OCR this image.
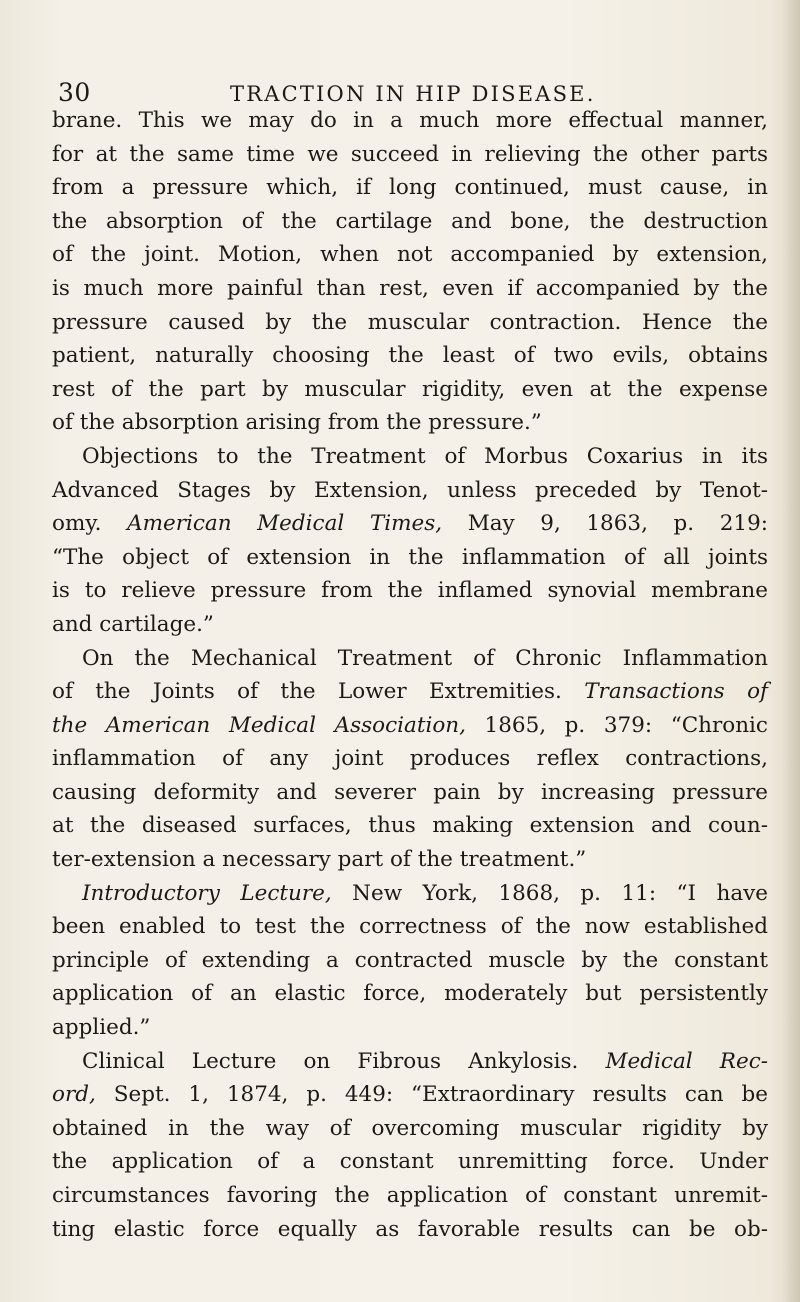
30	TRACTION IN HIP DISEASE.
brane. This we may do in a much more effectual manner,
for at the same time we succeed in relieving the other parts
from a pressure which, if long continued, must cause, in
the absorption of the cartilage and bone, the destruction
of the joint. Motion, when not accompanied by extension,
is much more painful than rest, even if accompanied by the
pressure caused by the muscular contraction. Hence the
patient, naturally choosing the least of two evils, obtains
rest of the part by muscular rigidity, even at the expense
of the absorption arising from the pressure.”
Objections to the Treatment of Morbus Coxarius in its
Advanced Stages by Extension, unless preceded by Tenot-
omy. American Medical Times, May 9, 1863, p. 219:
“The object of extension in the inflammation of all joints
is to relieve pressure from the inflamed synovial membrane
and cartilage.”
On the Mechanical Treatment of Chronic Inflammation
of the Joints of the Lower Extremities. Transactions of
the American Medical Association, 1865, p. 379: “Chronic
inflammation of any joint produces reflex contractions,
causing deformity and severer pain by increasing pressure
at the diseased surfaces, thus making extension and coun-
ter-extension a necessary part of the treatment.”
Introductory Lecture, New York, 1868, p. 11: “I have
been enabled to test the correctness of the now established
principle of extending a contracted muscle by the constant
application of an elastic force, moderately but persistently
applied.”
Clinical Lecture on Fibrous Ankylosis. Medical Rec-
ord, Sept. 1, 1874, p. 449: “Extraordinary results can be
obtained in the way of overcoming muscular rigidity by
the application of a constant unremitting force. Under
circumstances favoring the application of constant unremit-
ting elastic force equally as favorable results can be ob-
